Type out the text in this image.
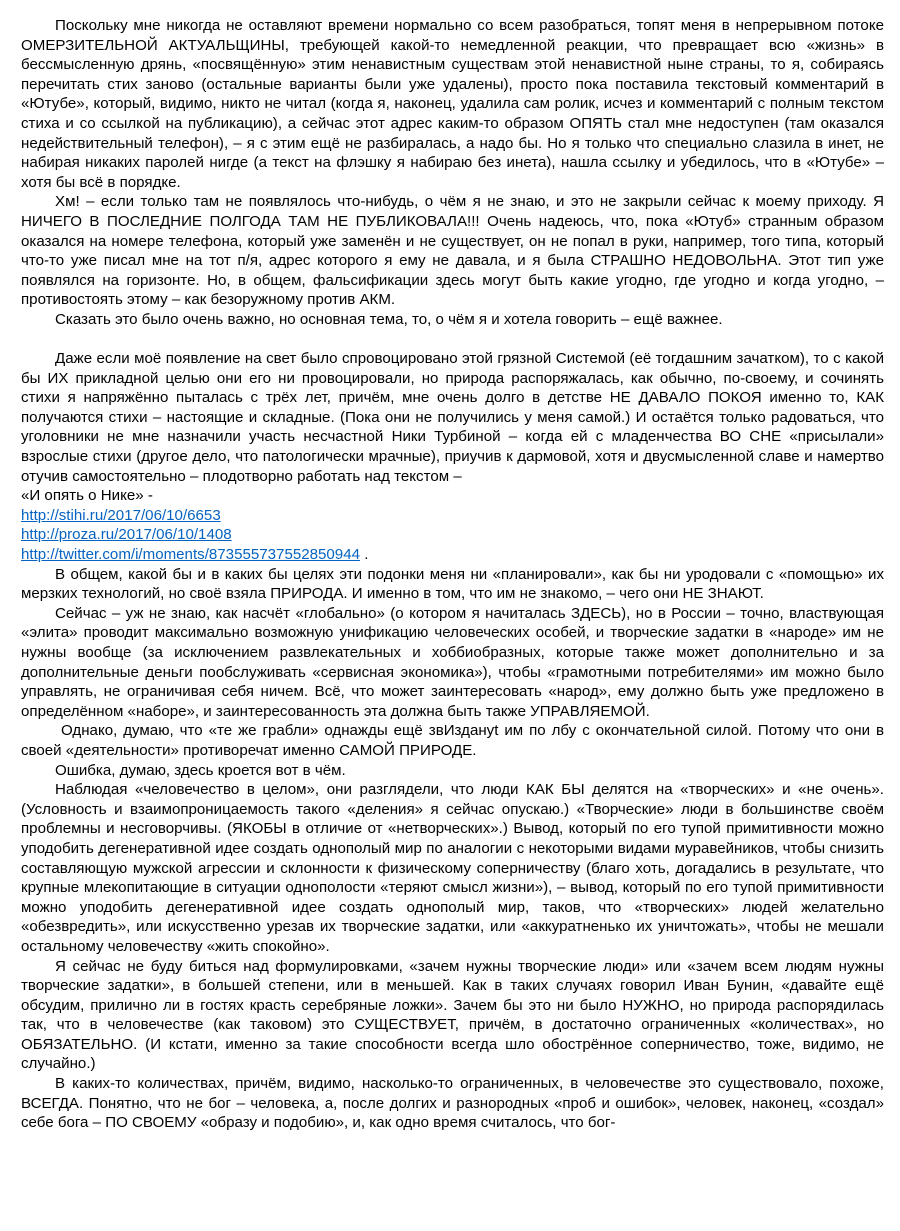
Поскольку мне никогда не оставляют времени нормально со всем разобраться, топят меня в непрерывном потоке ОМЕРЗИТЕЛЬНОЙ АКТУАЛЬЩИНЫ, требующей какой-то немедленной реакции, что превращает всю «жизнь» в бессмысленную дрянь, «посвящённую» этим ненавистным существам этой ненавистной ныне страны, то я, собираясь перечитать стих заново (остальные варианты были уже удалены), просто пока поставила текстовый комментарий в «Ютубе», который, видимо, никто не читал (когда я, наконец, удалила сам ролик, исчез и комментарий с полным текстом стиха и со ссылкой на публикацию), а сейчас этот адрес каким-то образом ОПЯТЬ стал мне недоступен (там оказался недействительный телефон), – я с этим ещё не разбиралась, а надо бы. Но я только что специально слазила в инет, не набирая никаких паролей нигде (а текст на флэшку я набираю без инета), нашла ссылку и убедилось, что в «Ютубе» – хотя бы всё в порядке.

Хм! – если только там не появлялось что-нибудь, о чём я не знаю, и это не закрыли сейчас к моему приходу. Я НИЧЕГО В ПОСЛЕДНИЕ ПОЛГОДА ТАМ НЕ ПУБЛИКОВАЛА!!! Очень надеюсь, что, пока «Ютуб» странным образом оказался на номере телефона, который уже заменён и не существует, он не попал в руки, например, того типа, который что-то уже писал мне на тот п/я, адрес которого я ему не давала, и я была СТРАШНО НЕДОВОЛЬНА. Этот тип уже появлялся на горизонте. Но, в общем, фальсификации здесь могут быть какие угодно, где угодно и когда угодно, – противостоять этому – как безоружному против АКМ.

Сказать это было очень важно, но основная тема, то, о чём я и хотела говорить – ещё важнее.

Даже если моё появление на свет было спровоцировано этой грязной Системой (её тогдашним зачатком), то с какой бы ИХ прикладной целью они его ни провоцировали, но природа распоряжалась, как обычно, по-своему, и сочинять стихи я напряжённо пыталась с трёх лет, причём, мне очень долго в детстве НЕ ДАВАЛО ПОКОЯ именно то, КАК получаются стихи – настоящие и складные. (Пока они не получились у меня самой.) И остаётся только радоваться, что уголовники не мне назначили участь несчастной Ники Турбиной – когда ей с младенчества ВО СНЕ «присылали» взрослые стихи (другое дело, что патологически мрачные), приучив к дармовой, хотя и двусмысленной славе и намертво отучив самостоятельно – плодотворно работать над текстом –

«И опять о Нике» -

http://stihi.ru/2017/06/10/6653

http://proza.ru/2017/06/10/1408

http://twitter.com/i/moments/873555737552850944 .

В общем, какой бы и в каких бы целях эти подонки меня ни «планировали», как бы ни уродовали с «помощью» их мерзких технологий, но своё взяла ПРИРОДА. И именно в том, что им не знакомо, – чего они НЕ ЗНАЮТ.

Сейчас – уж не знаю, как насчёт «глобально» (о котором я начиталась ЗДЕСЬ), но в России – точно, властвующая «элита» проводит максимально возможную унификацию человеческих особей, и творческие задатки в «народе» им не нужны вообще (за исключением развлекательных и хоббиобразных, которые также может дополнительно и за дополнительные деньги пообслуживать «сервисная экономика»), чтобы «грамотными потребителями» им можно было управлять, не ограничивая себя ничем. Всё, что может заинтересовать «народ», ему должно быть уже предложено в определённом «наборе», и заинтересованность эта должна быть также УПРАВЛЯЕМОЙ.

Однако, думаю, что «те же грабли» однажды ещё звИздануt им по лбу с окончательной силой. Потому что они в своей «деятельности» противоречат именно САМОЙ ПРИРОДЕ.

Ошибка, думаю, здесь кроется вот в чём.

Наблюдая «человечество в целом», они разглядели, что люди КАК БЫ делятся на «творческих» и «не очень». (Условность и взаимопроницаемость такого «деления» я сейчас опускаю.) «Творческие» люди в большинстве своём проблемны и несговорчивы. (ЯКОБЫ в отличие от «нетворческих».) Вывод, который по его тупой примитивности можно уподобить дегенеративной идее создать однополый мир по аналогии с некоторыми видами муравейников, чтобы снизить составляющую мужской агрессии и склонности к физическому соперничеству (благо хоть, догадались в результате, что крупные млекопитающие в ситуации однополости «теряют смысл жизни»), – вывод, который по его тупой примитивности можно уподобить дегенеративной идее создать однополый мир, таков, что «творческих» людей желательно «обезвредить», или искусственно урезав их творческие задатки, или «аккуратненько их уничтожать», чтобы не мешали остальному человечеству «жить спокойно».

Я сейчас не буду биться над формулировками, «зачем нужны творческие люди» или «зачем всем людям нужны творческие задатки», в большей степени, или в меньшей. Как в таких случаях говорил Иван Бунин, «давайте ещё обсудим, прилично ли в гостях красть серебряные ложки». Зачем бы это ни было НУЖНО, но природа распорядилась так, что в человечестве (как таковом) это СУЩЕСТВУЕТ, причём, в достаточно ограниченных «количествах», но ОБЯЗАТЕЛЬНО. (И кстати, именно за такие способности всегда шло обострённое соперничество, тоже, видимо, не случайно.)

В каких-то количествах, причём, видимо, насколько-то ограниченных, в человечестве это существовало, похоже, ВСЕГДА. Понятно, что не бог – человека, а, после долгих и разнородных «проб и ошибок», человек, наконец, «создал» себе бога – ПО СВОЕМУ «образу и подобию», и, как одно время считалось, что бог-
